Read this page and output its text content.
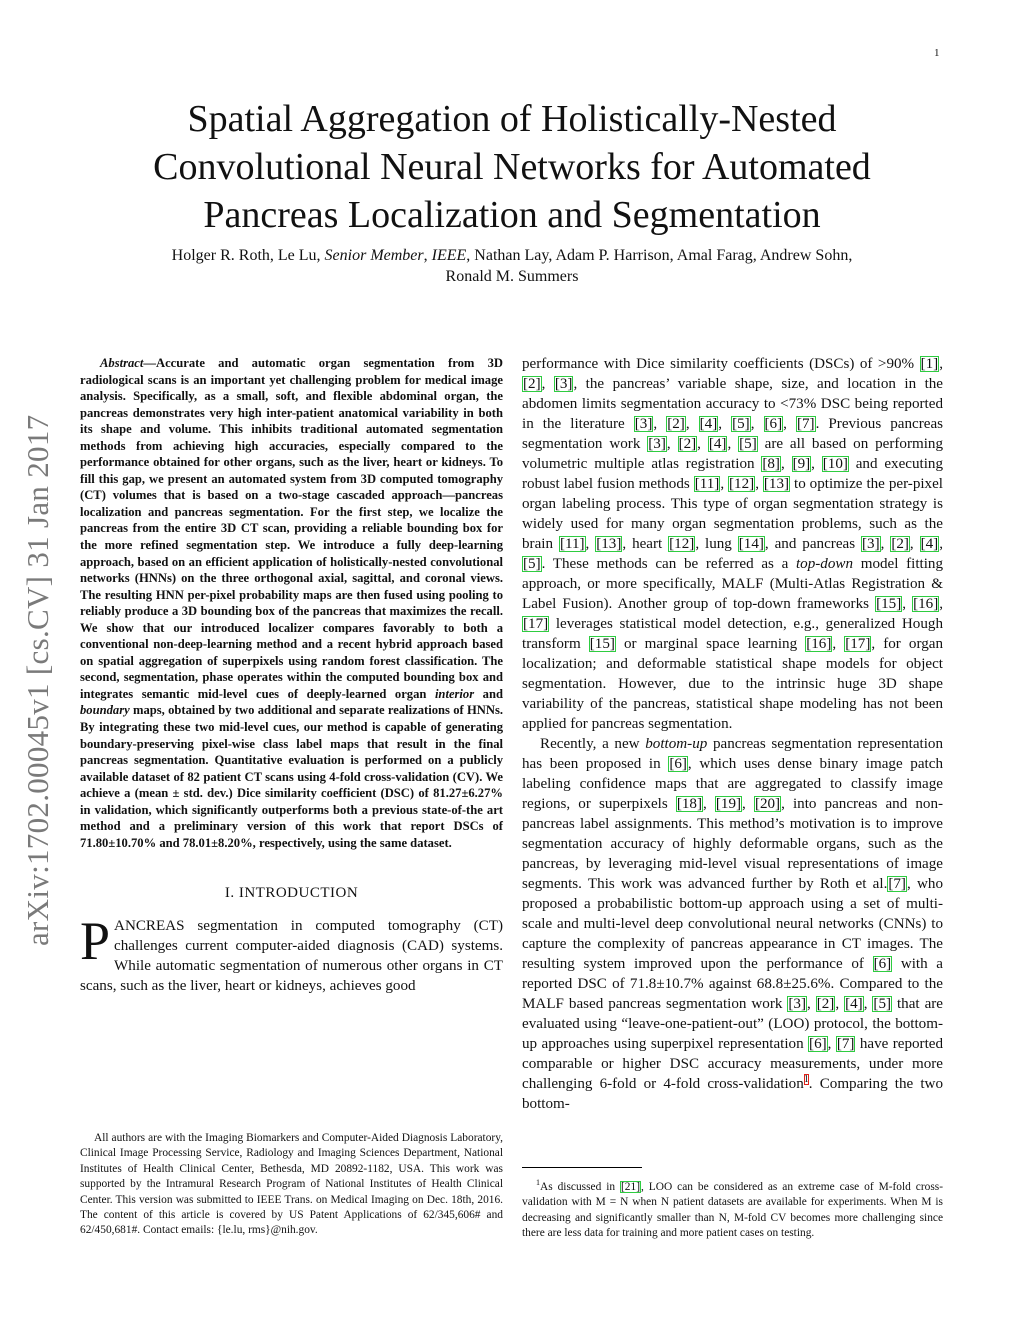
1
arXiv:1702.00045v1 [cs.CV] 31 Jan 2017
Spatial Aggregation of Holistically-Nested Convolutional Neural Networks for Automated Pancreas Localization and Segmentation
Holger R. Roth, Le Lu, Senior Member, IEEE, Nathan Lay, Adam P. Harrison, Amal Farag, Andrew Sohn,
Ronald M. Summers

Abstract—Accurate and automatic organ segmentation from 3D radiological scans is an important yet challenging problem for medical image analysis. Specifically, as a small, soft, and flexible abdominal organ, the pancreas demonstrates very high inter-patient anatomical variability in both its shape and volume. This inhibits traditional automated segmentation methods from achieving high accuracies, especially compared to the performance obtained for other organs, such as the liver, heart or kidneys. To fill this gap, we present an automated system from 3D computed tomography (CT) volumes that is based on a two-stage cascaded approach—pancreas localization and pancreas segmentation. For the first step, we localize the pancreas from the entire 3D CT scan, providing a reliable bounding box for the more refined segmentation step. We introduce a fully deep-learning approach, based on an efficient application of holistically-nested convolutional networks (HNNs) on the three orthogonal axial, sagittal, and coronal views. The resulting HNN per-pixel probability maps are then fused using pooling to reliably produce a 3D bounding box of the pancreas that maximizes the recall. We show that our introduced localizer compares favorably to both a conventional non-deep-learning method and a recent hybrid approach based on spatial aggregation of superpixels using random forest classification. The second, segmentation, phase operates within the computed bounding box and integrates semantic mid-level cues of deeply-learned organ interior and boundary maps, obtained by two additional and separate realizations of HNNs. By integrating these two mid-level cues, our method is capable of generating boundary-preserving pixel-wise class label maps that result in the final pancreas segmentation. Quantitative evaluation is performed on a publicly available dataset of 82 patient CT scans using 4-fold cross-validation (CV). We achieve a (mean ± std. dev.) Dice similarity coefficient (DSC) of 81.27±6.27% in validation, which significantly outperforms both a previous state-of-the art method and a preliminary version of this work that report DSCs of 71.80±10.70% and 78.01±8.20%, respectively, using the same dataset.

I. INTRODUCTION

PANCREAS segmentation in computed tomography (CT) challenges current computer-aided diagnosis (CAD) systems. While automatic segmentation of numerous other organs in CT scans, such as the liver, heart or kidneys, achieves good

All authors are with the Imaging Biomarkers and Computer-Aided Diagnosis Laboratory, Clinical Image Processing Service, Radiology and Imaging Sciences Department, National Institutes of Health Clinical Center, Bethesda, MD 20892-1182, USA. This work was supported by the Intramural Research Program of National Institutes of Health Clinical Center. This version was submitted to IEEE Trans. on Medical Imaging on Dec. 18th, 2016. The content of this article is covered by US Patent Applications of 62/345,606# and 62/450,681#. Contact emails: {le.lu, rms}@nih.gov.

performance with Dice similarity coefficients (DSCs) of >90% [1], [2], [3], the pancreas’ variable shape, size, and location in the abdomen limits segmentation accuracy to <73% DSC being reported in the literature [3], [2], [4], [5], [6], [7]. Previous pancreas segmentation work [3], [2], [4], [5] are all based on performing volumetric multiple atlas registration [8], [9], [10] and executing robust label fusion methods [11], [12], [13] to optimize the per-pixel organ labeling process. This type of organ segmentation strategy is widely used for many organ segmentation problems, such as the brain [11], [13], heart [12], lung [14], and pancreas [3], [2], [4], [5]. These methods can be referred as a top-down model fitting approach, or more specifically, MALF (Multi-Atlas Registration & Label Fusion). Another group of top-down frameworks [15], [16], [17] leverages statistical model detection, e.g., generalized Hough transform [15] or marginal space learning [16], [17], for organ localization; and deformable statistical shape models for object segmentation. However, due to the intrinsic huge 3D shape variability of the pancreas, statistical shape modeling has not been applied for pancreas segmentation.

Recently, a new bottom-up pancreas segmentation representation has been proposed in [6], which uses dense binary image patch labeling confidence maps that are aggregated to classify image regions, or superpixels [18], [19], [20], into pancreas and non-pancreas label assignments. This method’s motivation is to improve segmentation accuracy of highly deformable organs, such as the pancreas, by leveraging mid-level visual representations of image segments. This work was advanced further by Roth et al.[7], who proposed a probabilistic bottom-up approach using a set of multi-scale and multi-level deep convolutional neural networks (CNNs) to capture the complexity of pancreas appearance in CT images. The resulting system improved upon the performance of [6] with a reported DSC of 71.8±10.7% against 68.8±25.6%. Compared to the MALF based pancreas segmentation work [3], [2], [4], [5] that are evaluated using “leave-one-patient-out” (LOO) protocol, the bottom-up approaches using superpixel representation [6], [7] have reported comparable or higher DSC accuracy measurements, under more challenging 6-fold or 4-fold cross-validation$^1$. Comparing the two bottom-

$^1$As discussed in [21], LOO can be considered as an extreme case of M-fold cross-validation with M = N when N patient datasets are available for experiments. When M is decreasing and significantly smaller than N, M-fold CV becomes more challenging since there are less data for training and more patient cases on testing.
